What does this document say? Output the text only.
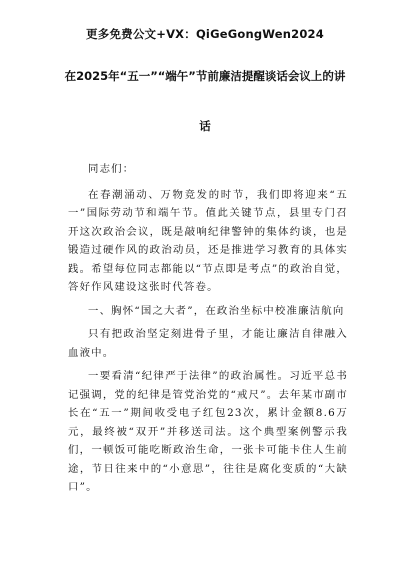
更多免费公文+VX：QiGeGongWen2024
在2025年“五一”“端午”节前廉洁提醒谈话会议上的讲
话

同志们：

在春潮涌动、万物竞发的时节，我们即将迎来“五一”国际劳动节和端午节。值此关键节点，县里专门召开这次政治会议，既是敲响纪律警钟的集体约谈，也是锻造过硬作风的政治动员，还是推进学习教育的具体实践。希望每位同志都能以“节点即是考点”的政治自觉，答好作风建设这张时代答卷。

一、胸怀“国之大者”，在政治坐标中校准廉洁航向

只有把政治坚定刻进骨子里，才能让廉洁自律融入血液中。

一要看清“纪律严于法律”的政治属性。习近平总书记强调，党的纪律是管党治党的“戒尺”。去年某市副市长在“五一”期间收受电子红包23次，累计金额8.6万元，最终被“双开”并移送司法。这个典型案例警示我们，一顿饭可能吃断政治生命，一张卡可能卡住人生前途，节日往来中的“小意思”，往往是腐化变质的“大缺口”。
